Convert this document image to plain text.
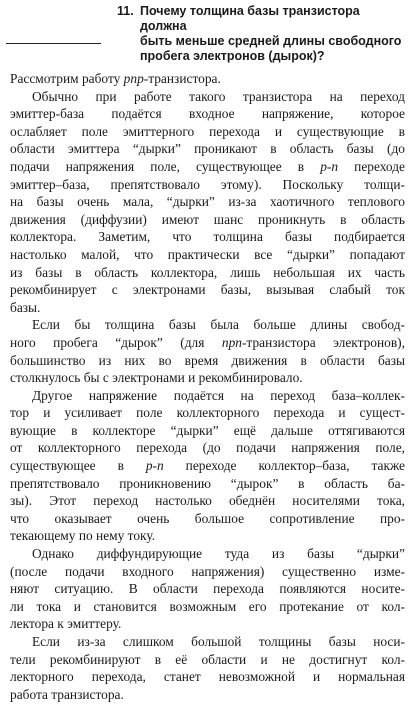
11. Почему толщина базы транзистора должна
быть меньше средней длины свободного
пробега электронов (дырок)?

Рассмотрим работу pnp-транзистора.

Обычно при работе такого транзистора на переход
эмиттер-база подаётся входное напряжение, которое
ослабляет поле эмиттерного перехода и существующие в
области эмиттера “дырки” проникают в область базы (до
подачи напряжения поле, существующее в p-n переходе
эмиттер–база, препятствовало этому). Поскольку толщи-
на базы очень мала, “дырки” из-за хаотичного теплового
движения (диффузии) имеют шанс проникнуть в область
коллектора. Заметим, что толщина базы подбирается
настолько малой, что практически все “дырки” попадают
из базы в область коллектора, лишь небольшая их часть
рекомбинирует с электронами базы, вызывая слабый ток
базы.

Если бы толщина базы была больше длины свобод-
ного пробега “дырок” (для npn-транзистора электронов),
большинство из них во время движения в области базы
столкнулось бы с электронами и рекомбинировало.

Другое напряжение подаётся на переход база–коллек-
тор и усиливает поле коллекторного перехода и сущест-
вующие в коллекторе “дырки” ещё дальше оттягиваются
от коллекторного перехода (до подачи напряжения поле,
существующее в p-n переходе коллектор–база, также
препятствовало проникновению “дырок” в область ба-
зы). Этот переход настолько обеднён носителями тока,
что оказывает очень большое сопротивление про-
текающему по нему току.

Однако диффундирующие туда из базы “дырки”
(после подачи входного напряжения) существенно изме-
няют ситуацию. В области перехода появляются носите-
ли тока и становится возможным его протекание от кол-
лектора к эмиттеру.

Если из-за слишком большой толщины базы носи-
тели рекомбинируют в её области и не достигнут кол-
лекторного перехода, станет невозможной и нормальная
работа транзистора.
